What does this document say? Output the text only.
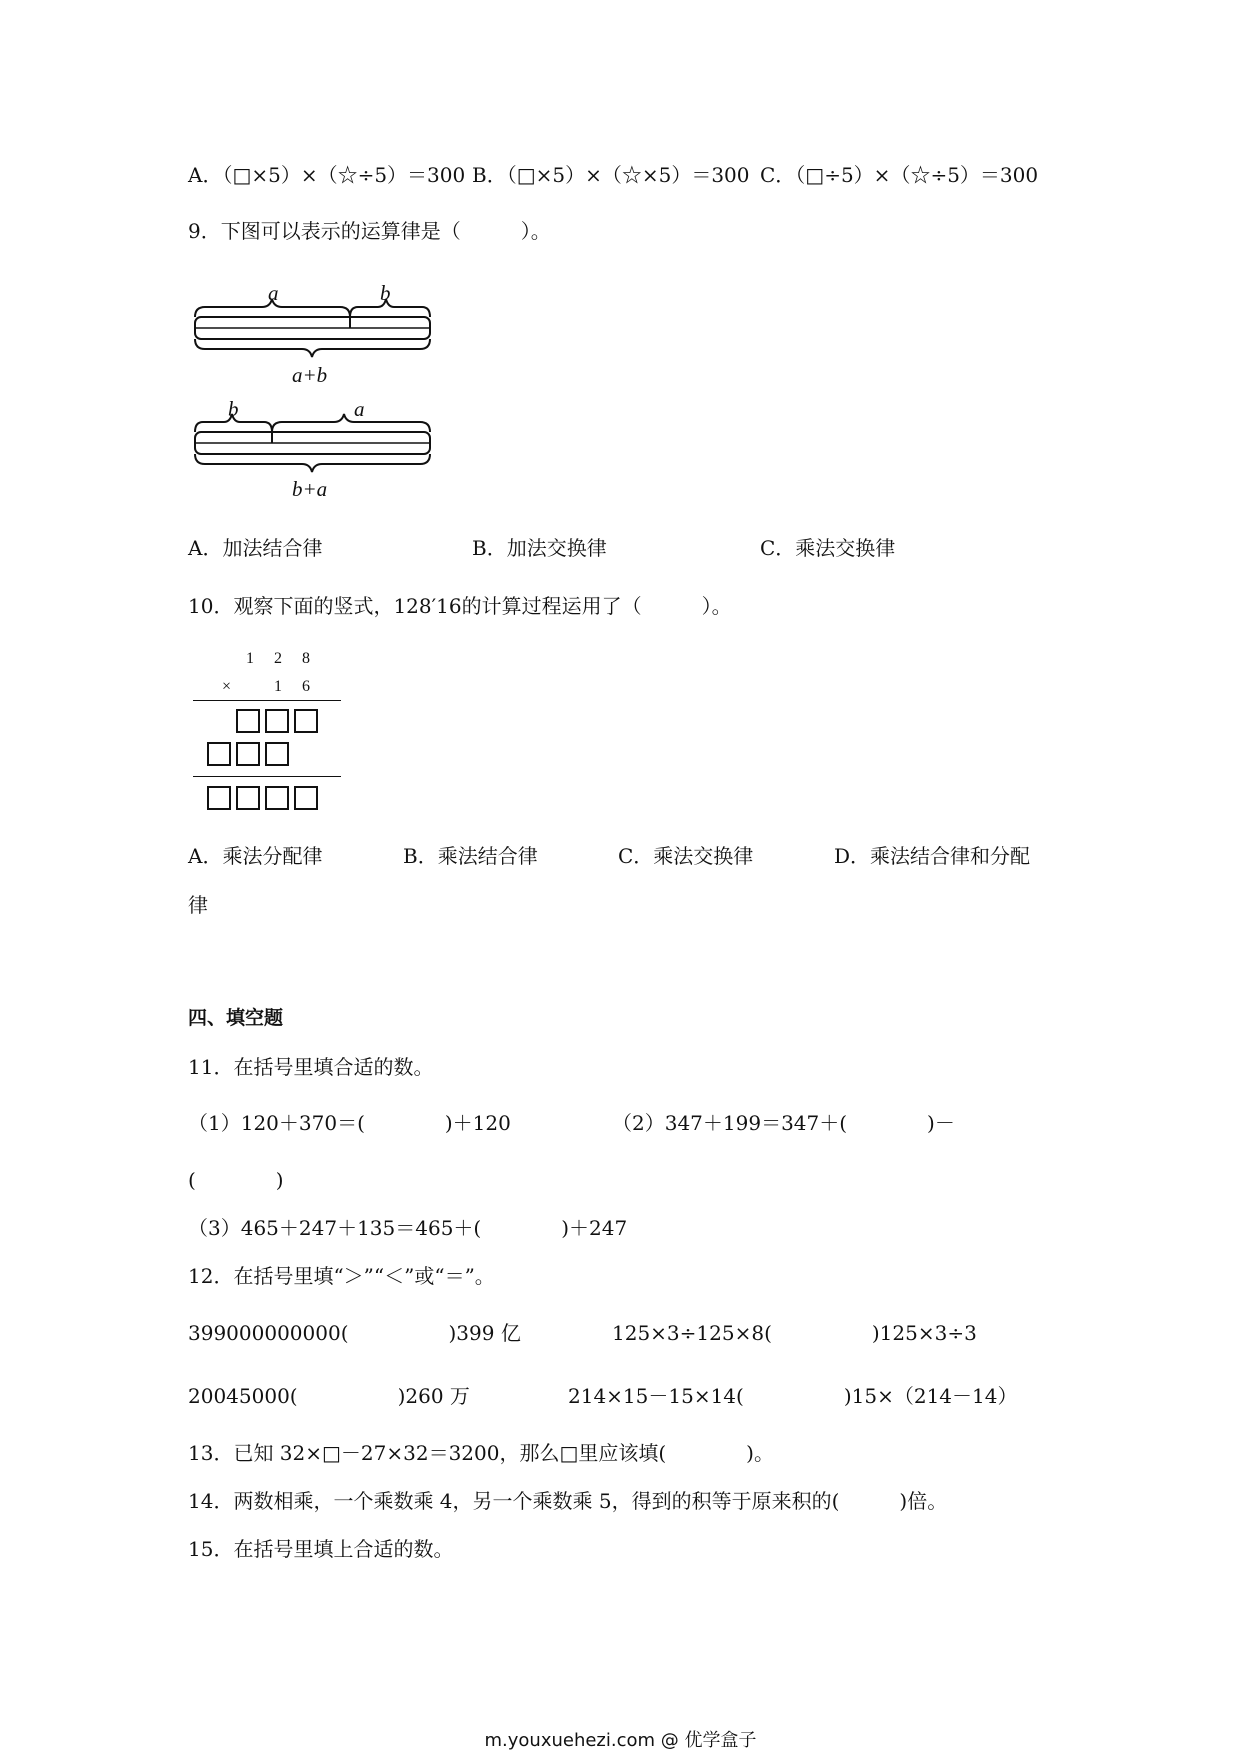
A．（□×5）×（☆÷5）＝300 B．（□×5）×（☆×5）＝300 C．（□÷5）×（☆÷5）＝300
9．下图可以表示的运算律是（　　　）。
a	b
a+b
b	a
b+a
A．加法结合律	B．加法交换律	C．乘法交换律
10．观察下面的竖式，128′16的计算过程运用了（　　　）。
1 2 8
×	1 6
A．乘法分配律	B．乘法结合律	C．乘法交换律	D．乘法结合律和分配
律
四、填空题
11．在括号里填合适的数。
（1）120＋370＝(　　　　)＋120	（2）347＋199＝347＋(　　　　)－
(　　　　)
（3）465＋247＋135＝465＋(　　　　)＋247
12．在括号里填“＞”“＜”或“＝”。
399000000000(　　　　　)399 亿	125×3÷125×8(　　　　　)125×3÷3
20045000(　　　　　)260 万	214×15－15×14(　　　　　)15×（214－14）
13．已知 32×□－27×32＝3200，那么□里应该填(　　　　)。
14．两数相乘，一个乘数乘 4，另一个乘数乘 5，得到的积等于原来积的(　　　)倍。
15．在括号里填上合适的数。
m.youxuehezi.com @ 优学盒子
